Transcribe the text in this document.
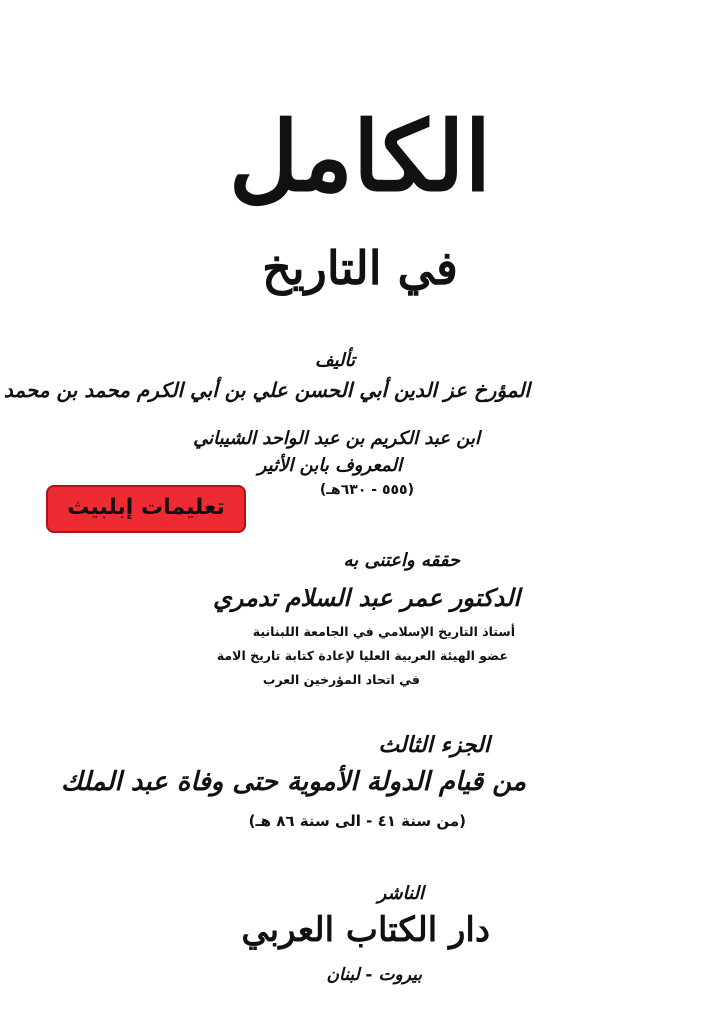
الكامل
في التاريخ
تأليف
المؤرخ عز الدين أبي الحسن علي بن أبي الكرم محمد بن محمد
ابن عبد الكريم بن عبد الواحد الشيباني
المعروف بابن الأثير
(٥٥٥ - ٦٣٠هـ)
تعليمات إبلبيث
حققه واعتنى به
الدكتور عمر عبد السلام تدمري
أستاذ التاريخ الإسلامي في الجامعة اللبنانية
عضو الهيئة العربية العليا لإعادة كتابة تاريخ الامة
في اتحاد المؤرخين العرب
الجزء الثالث
من قيام الدولة الأموية حتى وفاة عبد الملك
(من سنة ٤١ - الى سنة ٨٦ هـ)
الناشر
دار الكتاب العربي
بيروت - لبنان
